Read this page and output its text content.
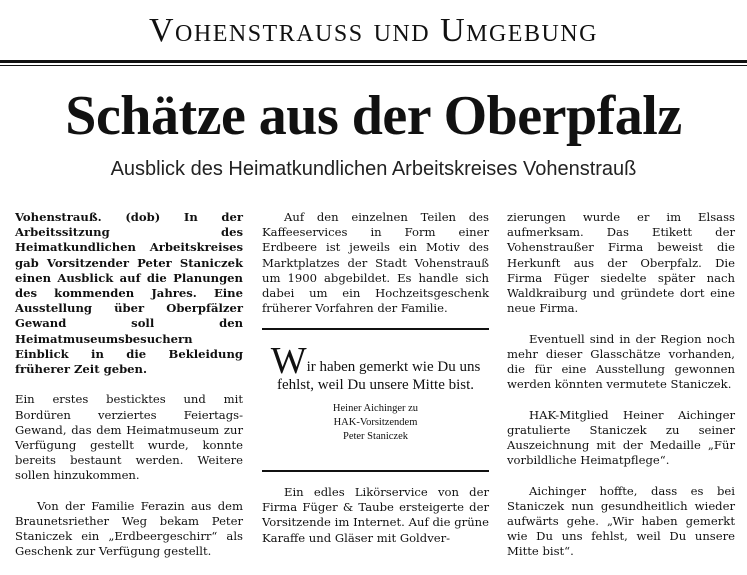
Vohenstrauss und Umgebung
Schätze aus der Oberpfalz
Ausblick des Heimatkundlichen Arbeitskreises Vohenstrauß

Vohenstrauß. (dob) In der Arbeitssitzung des Heimatkundlichen Arbeitskreises gab Vorsitzender Peter Staniczek einen Ausblick auf die Planungen des kommenden Jahres. Eine Ausstellung über Oberpfälzer Gewand soll den Heimatmuseumsbesuchern Einblick in die Bekleidung früherer Zeit geben.

Ein erstes besticktes und mit Bordüren verziertes Feiertags-Gewand, das dem Heimatmuseum zur Verfügung gestellt wurde, konnte bereits bestaunt werden. Weitere sollen hinzukommen.

Von der Familie Ferazin aus dem Braunetsriether Weg bekam Peter Staniczek ein „Erdbeergeschirr“ als Geschenk zur Verfügung gestellt.

Auf den einzelnen Teilen des Kaffeeservices in Form einer Erdbeere ist jeweils ein Motiv des Marktplatzes der Stadt Vohenstrauß um 1900 abgebildet. Es handle sich dabei um ein Hochzeitsgeschenk früherer Vorfahren der Familie.

Wir haben gemerkt wie Du uns fehlst, weil Du unsere Mitte bist.
Heiner Aichinger zu
HAK-Vorsitzendem
Peter Staniczek

Ein edles Likörservice von der Firma Füger & Taube ersteigerte der Vorsitzende im Internet. Auf die grüne Karaffe und Gläser mit Goldver-

zierungen wurde er im Elsass aufmerksam. Das Etikett der Vohenstraußer Firma beweist die Herkunft aus der Oberpfalz. Die Firma Füger siedelte später nach Waldkraiburg und gründete dort eine neue Firma.

Eventuell sind in der Region noch mehr dieser Glasschätze vorhanden, die für eine Ausstellung gewonnen werden könnten vermutete Staniczek.

HAK-Mitglied Heiner Aichinger gratulierte Staniczek zu seiner Auszeichnung mit der Medaille „Für vorbildliche Heimatpflege“.

Aichinger hoffte, dass es bei Staniczek nun gesundheitlich wieder aufwärts gehe. „Wir haben gemerkt wie Du uns fehlst, weil Du unsere Mitte bist“.
